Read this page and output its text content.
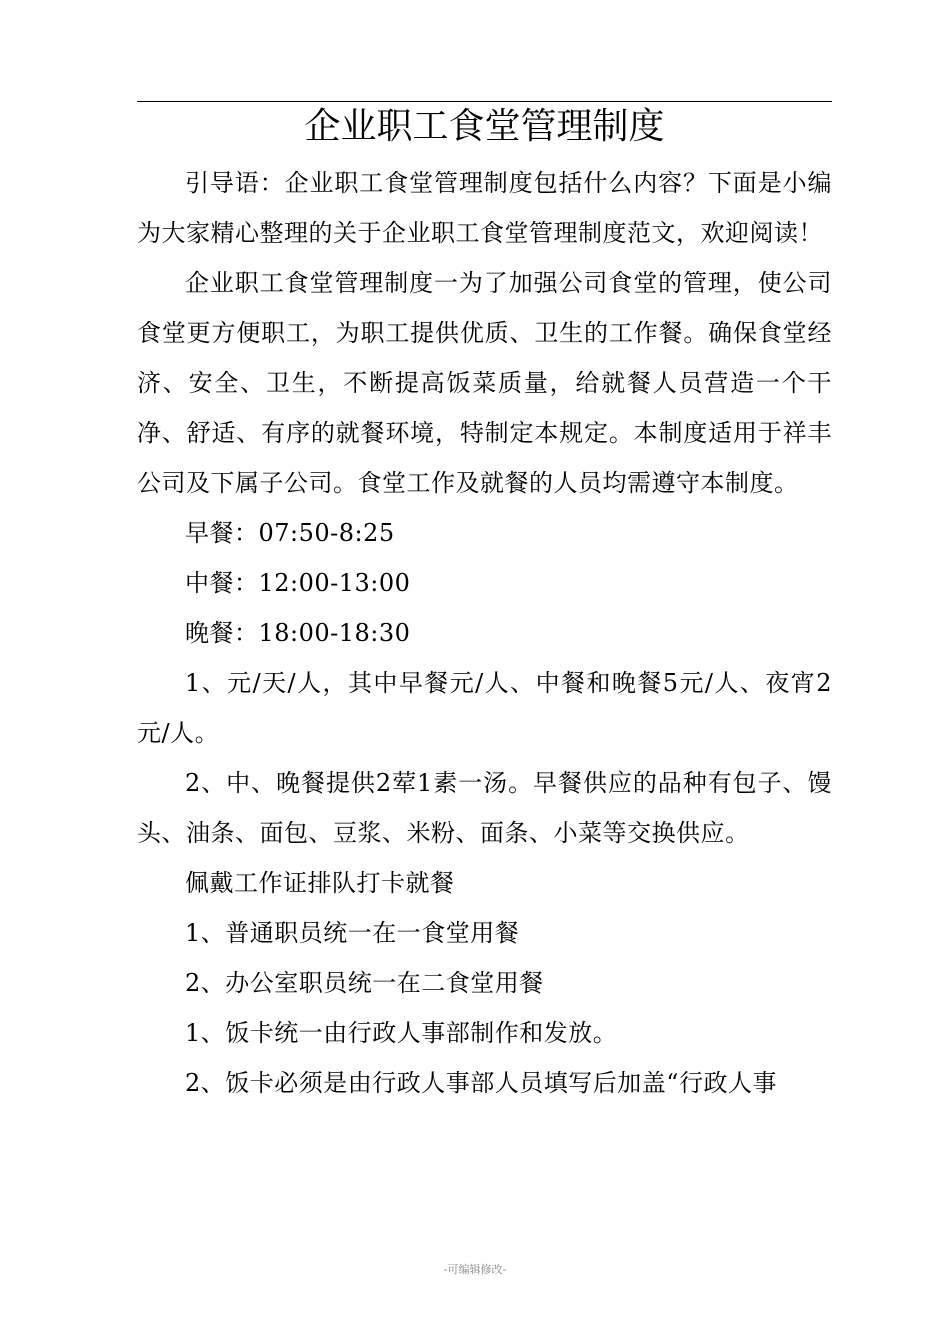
企业职工食堂管理制度

引导语：企业职工食堂管理制度包括什么内容？下面是小编为大家精心整理的关于企业职工食堂管理制度范文，欢迎阅读！

企业职工食堂管理制度一为了加强公司食堂的管理，使公司食堂更方便职工，为职工提供优质、卫生的工作餐。确保食堂经济、安全、卫生，不断提高饭菜质量，给就餐人员营造一个干净、舒适、有序的就餐环境，特制定本规定。本制度适用于祥丰公司及下属子公司。食堂工作及就餐的人员均需遵守本制度。

早餐：07:50-8:25

中餐：12:00-13:00

晚餐：18:00-18:30

1、元/天/人，其中早餐元/人、中餐和晚餐5元/人、夜宵2元/人。

2、中、晚餐提供2荤1素一汤。早餐供应的品种有包子、馒头、油条、面包、豆浆、米粉、面条、小菜等交换供应。

佩戴工作证排队打卡就餐

1、普通职员统一在一食堂用餐

2、办公室职员统一在二食堂用餐

1、饭卡统一由行政人事部制作和发放。

2、饭卡必须是由行政人事部人员填写后加盖“行政人事

-可编辑修改-
